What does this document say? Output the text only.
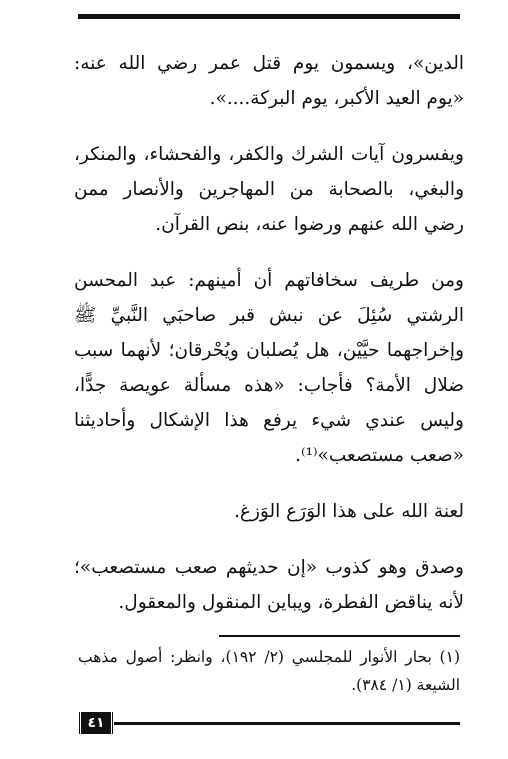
الدين»، ويسمون يوم قتل عمر رضي الله عنه: «يوم العيد الأكبر، يوم البركة....».

ويفسرون آيات الشرك والكفر، والفحشاء، والمنكر، والبغي، بالصحابة من المهاجرين والأنصار ممن رضي الله عنهم ورضوا عنه، بنص القرآن.

ومن طريف سخافاتهم أن أمينهم: عبد المحسن الرشتي سُئِلَ عن نبش قبر صاحبَي النَّبيِّ ﷺ وإخراجهما حيَّيْن، هل يُصلبان ويُحْرقان؛ لأنهما سبب ضلال الأمة؟ فأجاب: «هذه مسألة عويصة جدًّا، وليس عندي شيء يرفع هذا الإشكال وأحاديثنا «صعب مستصعب»⁽¹⁾.

لعنة الله على هذا الوَرَع الوَزغ.

وصدق وهو كذوب «إن حديثهم صعب مستصعب»؛ لأنه يناقض الفطرة، ويباين المنقول والمعقول.

(١) بحار الأنوار للمجلسي (٢/ ١٩٢)، وانظر: أصول مذهب الشيعة (١/ ٣٨٤).
٤١
